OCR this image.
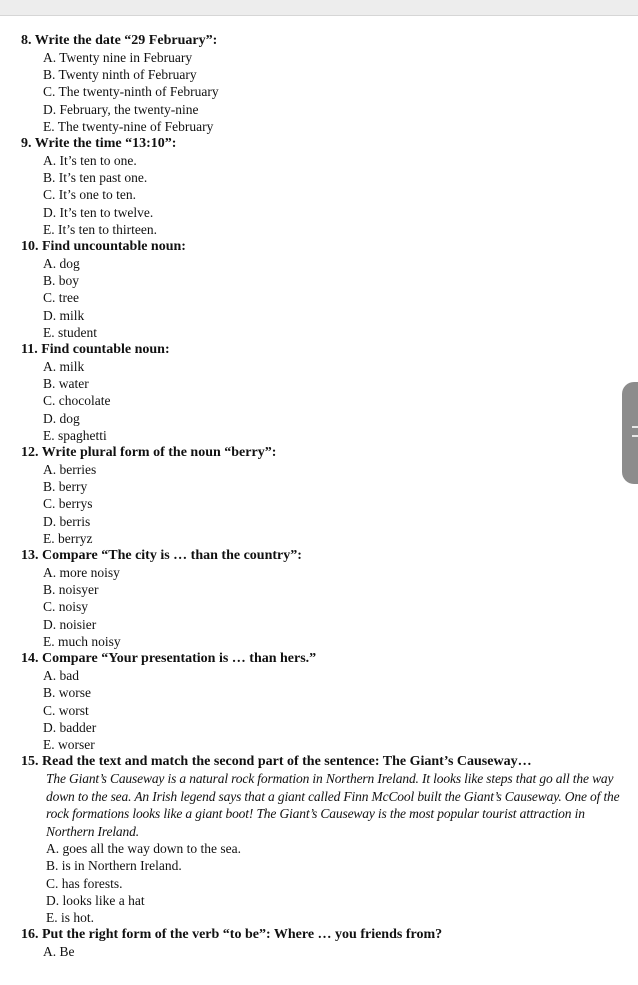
8. Write the date “29 February”:
A. Twenty nine in February
B. Twenty ninth of February
C. The twenty-ninth of February
D. February, the twenty-nine
E. The twenty-nine of February
9. Write the time “13:10”:
A. It’s ten to one.
B. It’s ten past one.
C. It’s one to ten.
D. It’s ten to twelve.
E. It’s ten to thirteen.
10. Find uncountable noun:
A. dog
B. boy
C. tree
D. milk
E. student
11. Find countable noun:
A. milk
B. water
C. chocolate
D. dog
E. spaghetti
12. Write plural form of the noun “berry”:
A. berries
B. berry
C. berrys
D. berris
E. berryz
13. Compare “The city is … than the country”:
A. more noisy
B. noisyer
C. noisy
D. noisier
E. much noisy
14. Compare “Your presentation is … than hers.”
A. bad
B. worse
C. worst
D. badder
E. worser
15. Read the text and match the second part of the sentence: The Giant’s Causeway…
The Giant’s Causeway is a natural rock formation in Northern Ireland. It looks like steps that go all the way down to the sea. An Irish legend says that a giant called Finn McCool built the Giant’s Causeway. One of the rock formations looks like a giant boot! The Giant’s Causeway is the most popular tourist attraction in Northern Ireland.
A. goes all the way down to the sea.
B. is in Northern Ireland.
C. has forests.
D. looks like a hat
E. is hot.
16. Put the right form of the verb “to be”: Where … you friends from?
A. Be
